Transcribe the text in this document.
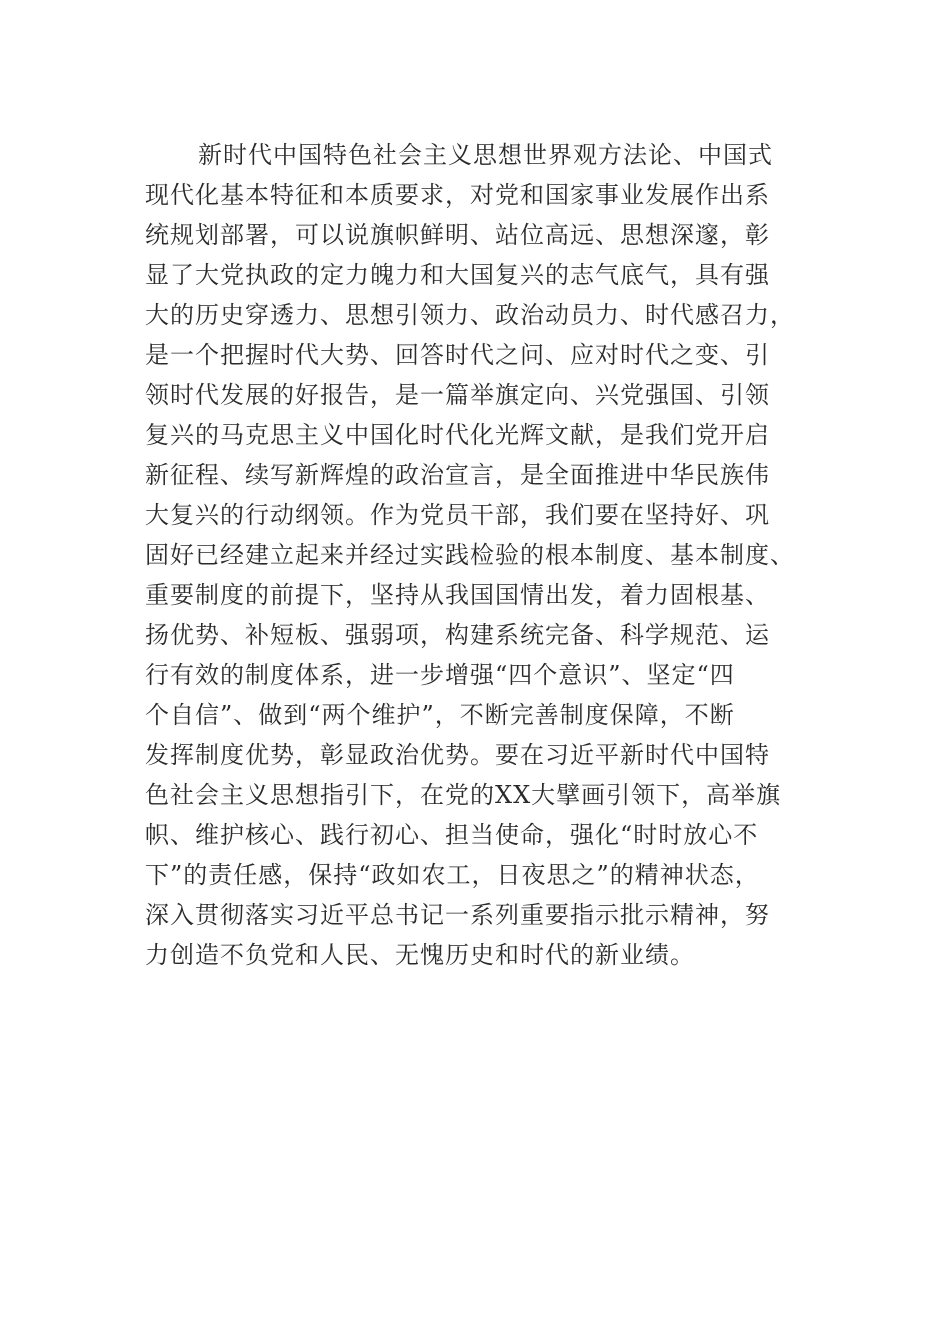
新时代中国特色社会主义思想世界观方法论、中国式
现代化基本特征和本质要求，对党和国家事业发展作出系
统规划部署，可以说旗帜鲜明、站位高远、思想深邃，彰
显了大党执政的定力魄力和大国复兴的志气底气，具有强
大的历史穿透力、思想引领力、政治动员力、时代感召力，
是一个把握时代大势、回答时代之问、应对时代之变、引
领时代发展的好报告，是一篇举旗定向、兴党强国、引领
复兴的马克思主义中国化时代化光辉文献，是我们党开启
新征程、续写新辉煌的政治宣言，是全面推进中华民族伟
大复兴的行动纲领。作为党员干部，我们要在坚持好、巩
固好已经建立起来并经过实践检验的根本制度、基本制度、
重要制度的前提下，坚持从我国国情出发，着力固根基、
扬优势、补短板、强弱项，构建系统完备、科学规范、运
行有效的制度体系，进一步增强“四个意识”、坚定“四
个自信”、做到“两个维护”，不断完善制度保障，不断
发挥制度优势，彰显政治优势。要在习近平新时代中国特
色社会主义思想指引下，在党的XX大擘画引领下，高举旗
帜、维护核心、践行初心、担当使命，强化“时时放心不
下”的责任感，保持“政如农工，日夜思之”的精神状态，
深入贯彻落实习近平总书记一系列重要指示批示精神，努
力创造不负党和人民、无愧历史和时代的新业绩。
